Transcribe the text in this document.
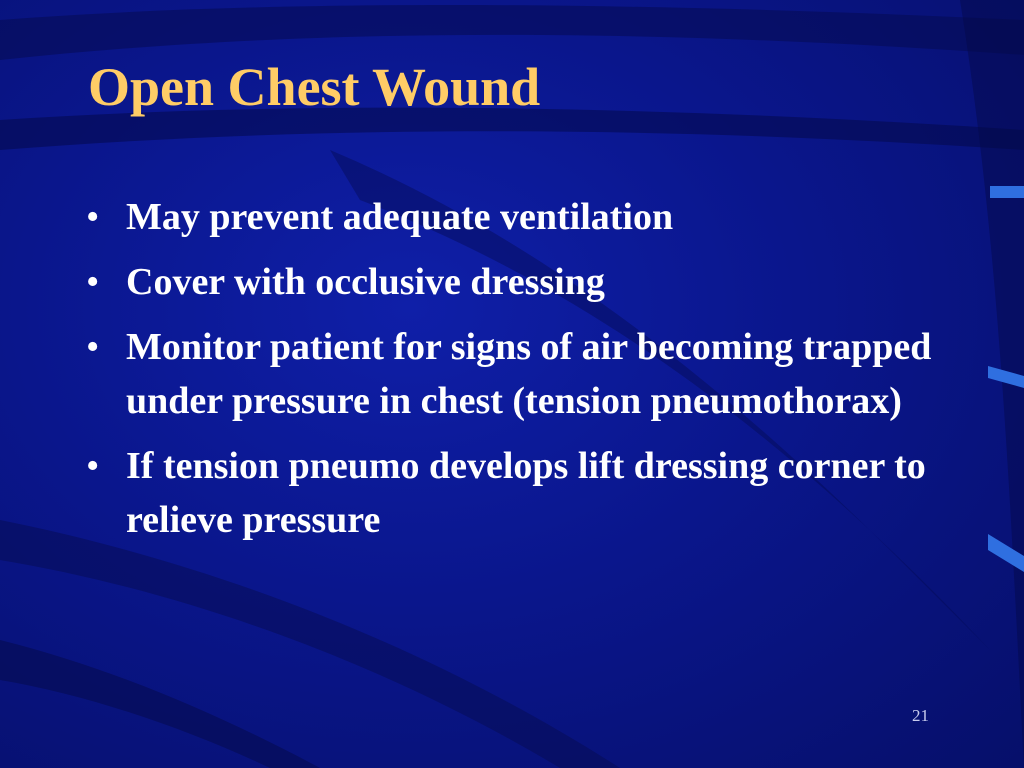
Open Chest Wound
• May prevent adequate ventilation
• Cover with occlusive dressing
• Monitor patient for signs of air becoming trapped under pressure in chest (tension pneumothorax)
• If tension pneumo develops lift dressing corner to relieve pressure
21
